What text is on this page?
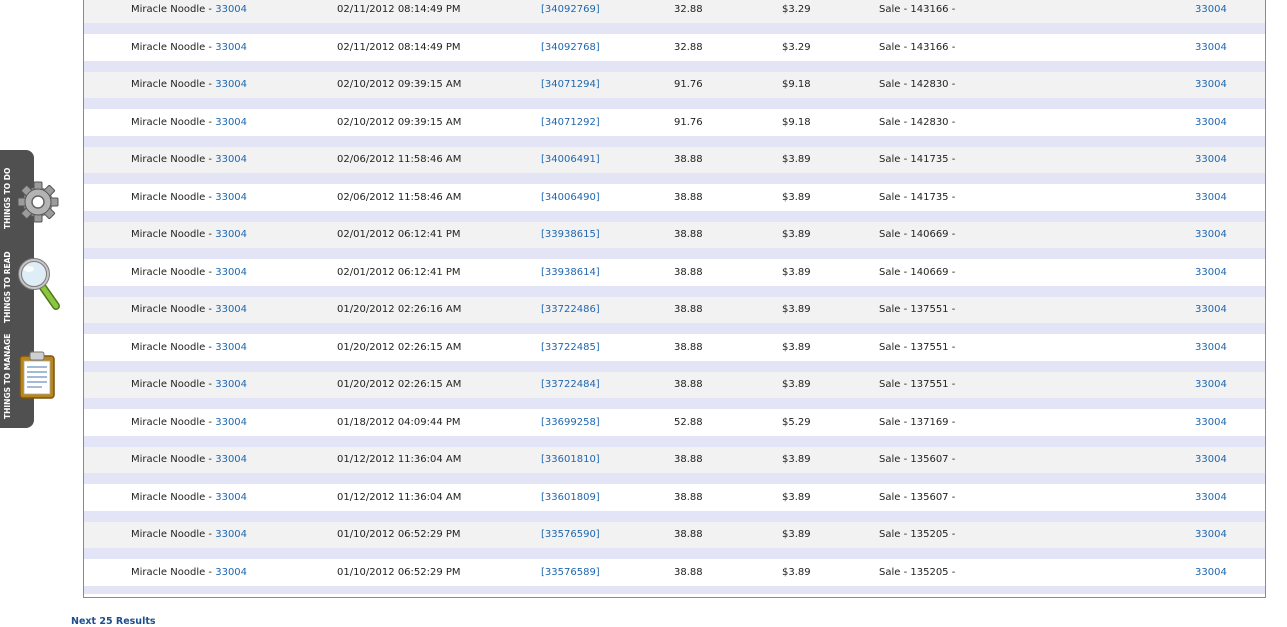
THINGS TO DO
THINGS TO READ
THINGS TO MANAGE
Miracle Noodle - 33004	02/11/2012 08:14:49 PM	[34092769]	32.88	$3.29	Sale - 143166 -	33004
Miracle Noodle - 33004	02/11/2012 08:14:49 PM	[34092768]	32.88	$3.29	Sale - 143166 -	33004
Miracle Noodle - 33004	02/10/2012 09:39:15 AM	[34071294]	91.76	$9.18	Sale - 142830 -	33004
Miracle Noodle - 33004	02/10/2012 09:39:15 AM	[34071292]	91.76	$9.18	Sale - 142830 -	33004
Miracle Noodle - 33004	02/06/2012 11:58:46 AM	[34006491]	38.88	$3.89	Sale - 141735 -	33004
Miracle Noodle - 33004	02/06/2012 11:58:46 AM	[34006490]	38.88	$3.89	Sale - 141735 -	33004
Miracle Noodle - 33004	02/01/2012 06:12:41 PM	[33938615]	38.88	$3.89	Sale - 140669 -	33004
Miracle Noodle - 33004	02/01/2012 06:12:41 PM	[33938614]	38.88	$3.89	Sale - 140669 -	33004
Miracle Noodle - 33004	01/20/2012 02:26:16 AM	[33722486]	38.88	$3.89	Sale - 137551 -	33004
Miracle Noodle - 33004	01/20/2012 02:26:15 AM	[33722485]	38.88	$3.89	Sale - 137551 -	33004
Miracle Noodle - 33004	01/20/2012 02:26:15 AM	[33722484]	38.88	$3.89	Sale - 137551 -	33004
Miracle Noodle - 33004	01/18/2012 04:09:44 PM	[33699258]	52.88	$5.29	Sale - 137169 -	33004
Miracle Noodle - 33004	01/12/2012 11:36:04 AM	[33601810]	38.88	$3.89	Sale - 135607 -	33004
Miracle Noodle - 33004	01/12/2012 11:36:04 AM	[33601809]	38.88	$3.89	Sale - 135607 -	33004
Miracle Noodle - 33004	01/10/2012 06:52:29 PM	[33576590]	38.88	$3.89	Sale - 135205 -	33004
Miracle Noodle - 33004	01/10/2012 06:52:29 PM	[33576589]	38.88	$3.89	Sale - 135205 -	33004
Next 25 Results
